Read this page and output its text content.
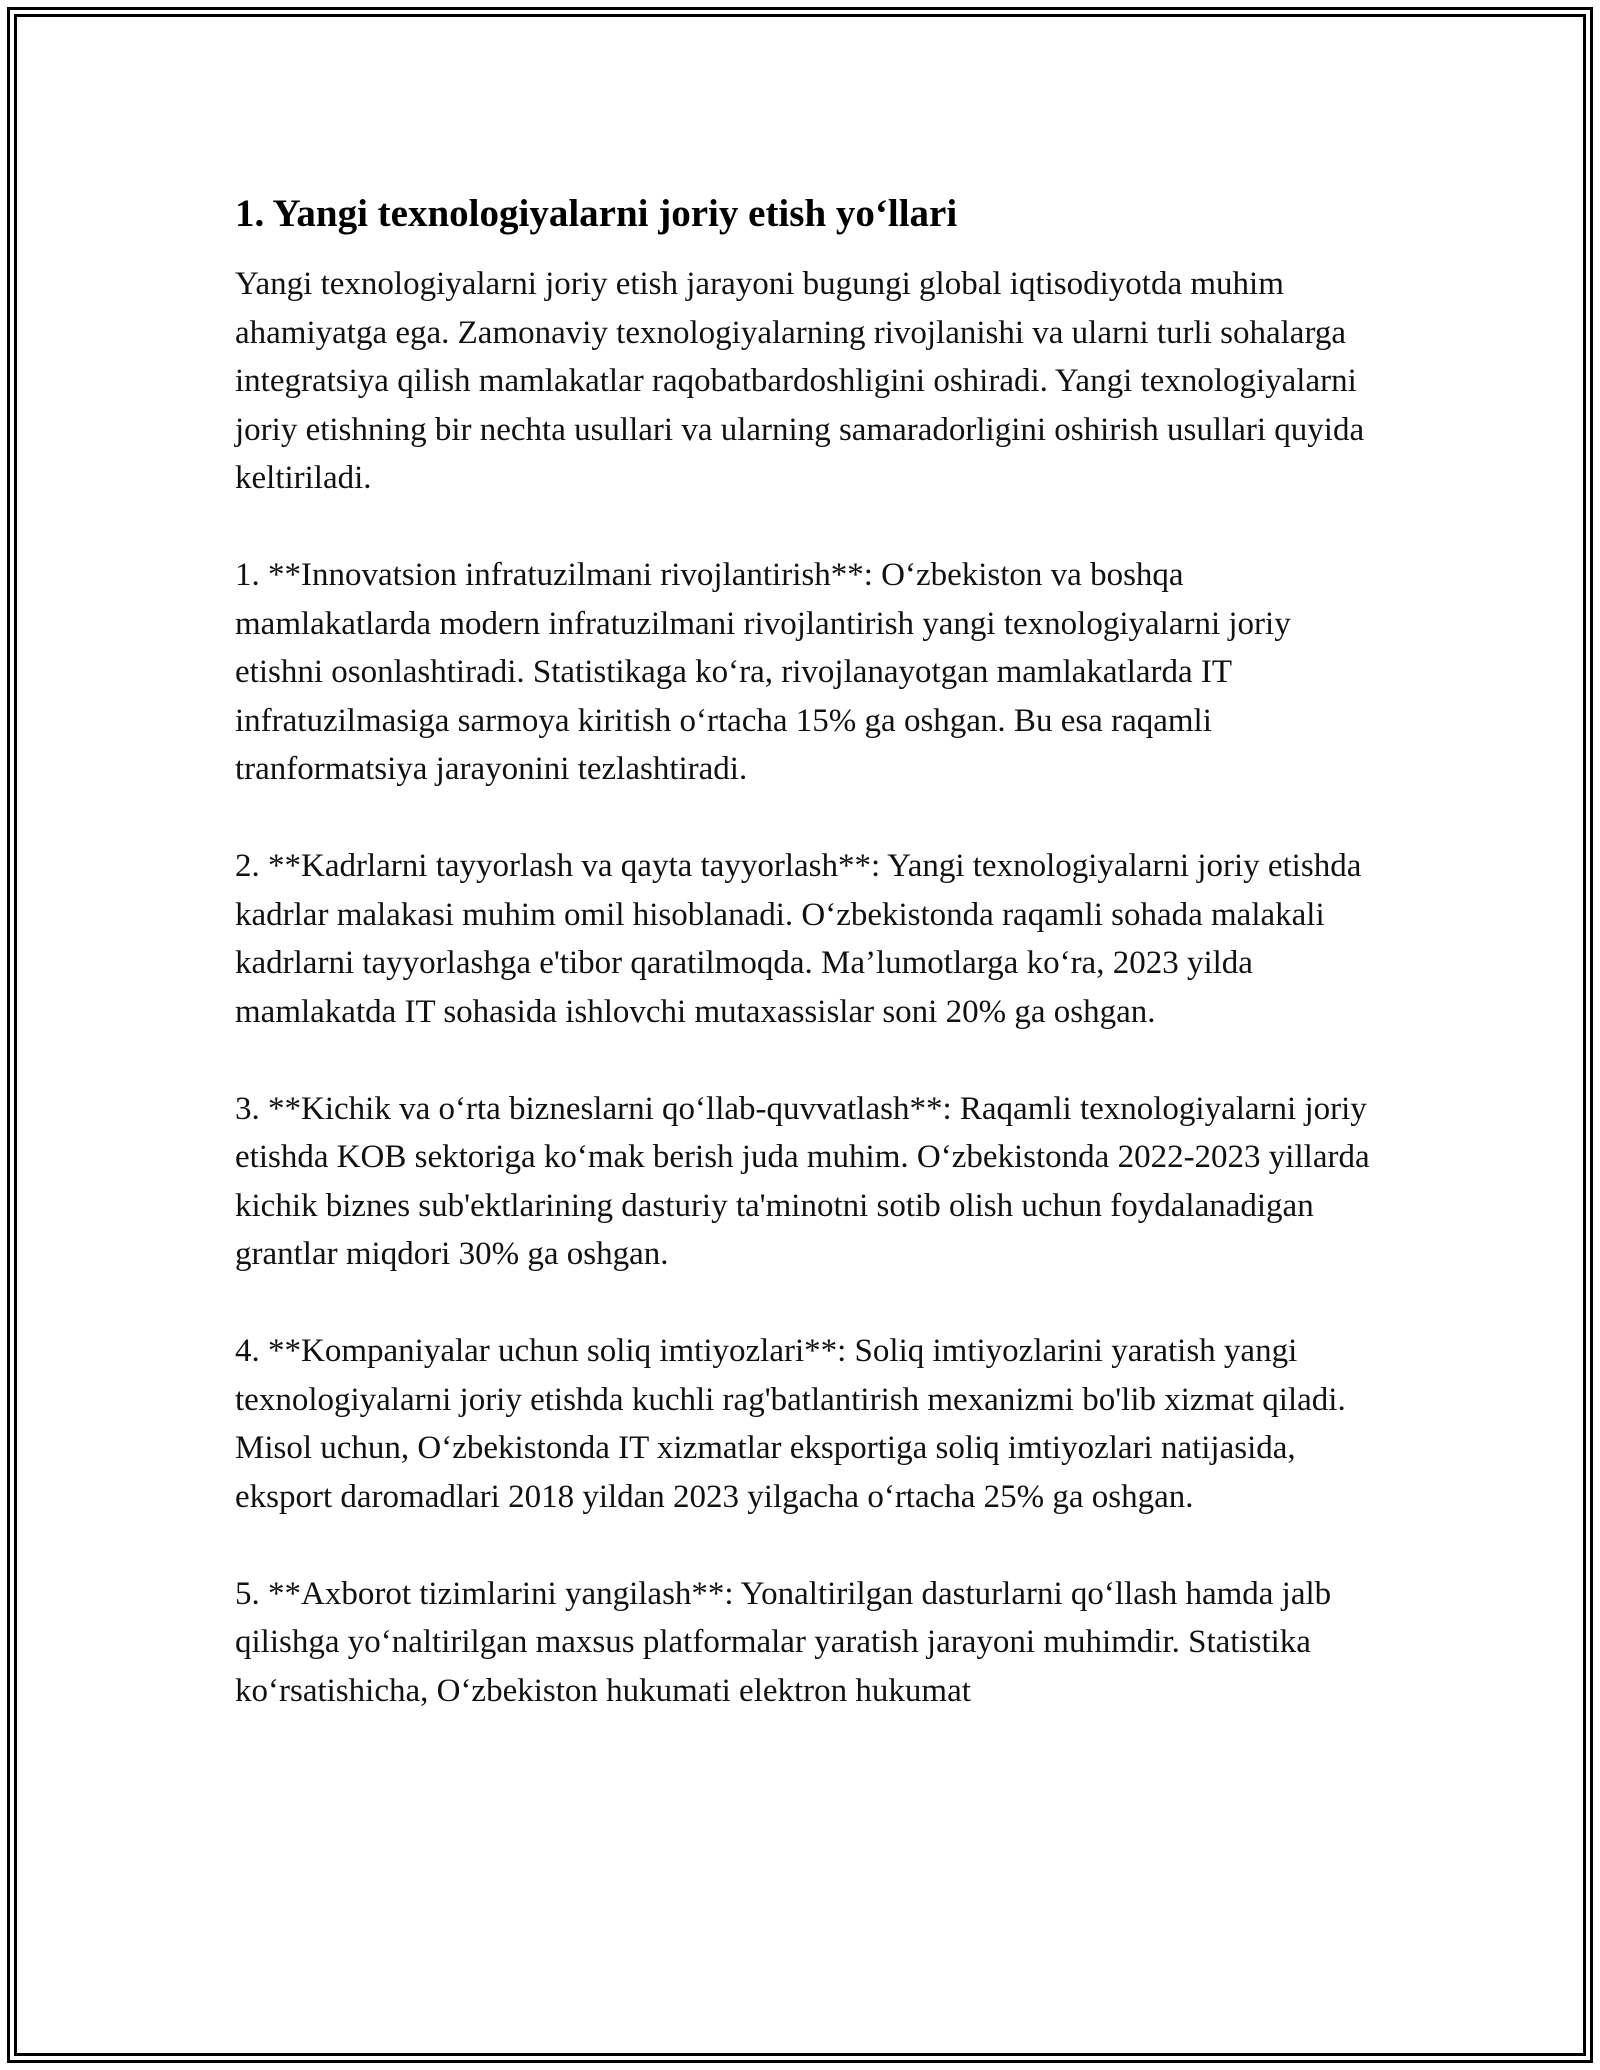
1. Yangi texnologiyalarni joriy etish yo‘llari

Yangi texnologiyalarni joriy etish jarayoni bugungi global iqtisodiyotda muhim ahamiyatga ega. Zamonaviy texnologiyalarning rivojlanishi va ularni turli sohalarga integratsiya qilish mamlakatlar raqobatbardoshligini oshiradi. Yangi texnologiyalarni joriy etishning bir nechta usullari va ularning samaradorligini oshirish usullari quyida keltiriladi.

1. **Innovatsion infratuzilmani rivojlantirish**: O‘zbekiston va boshqa mamlakatlarda modern infratuzilmani rivojlantirish yangi texnologiyalarni joriy etishni osonlashtiradi. Statistikaga ko‘ra, rivojlanayotgan mamlakatlarda IT infratuzilmasiga sarmoya kiritish o‘rtacha 15% ga oshgan. Bu esa raqamli tranformatsiya jarayonini tezlashtiradi.

2. **Kadrlarni tayyorlash va qayta tayyorlash**: Yangi texnologiyalarni joriy etishda kadrlar malakasi muhim omil hisoblanadi. O‘zbekistonda raqamli sohada malakali kadrlarni tayyorlashga e'tibor qaratilmoqda. Ma’lumotlarga ko‘ra, 2023 yilda mamlakatda IT sohasida ishlovchi mutaxassislar soni 20% ga oshgan.

3. **Kichik va o‘rta bizneslarni qo‘llab-quvvatlash**: Raqamli texnologiyalarni joriy etishda KOB sektoriga ko‘mak berish juda muhim. O‘zbekistonda 2022-2023 yillarda kichik biznes sub'ektlarining dasturiy ta'minotni sotib olish uchun foydalanadigan grantlar miqdori 30% ga oshgan.

4. **Kompaniyalar uchun soliq imtiyozlari**: Soliq imtiyozlarini yaratish yangi texnologiyalarni joriy etishda kuchli rag'batlantirish mexanizmi bo'lib xizmat qiladi. Misol uchun, O‘zbekistonda IT xizmatlar eksportiga soliq imtiyozlari natijasida, eksport daromadlari 2018 yildan 2023 yilgacha o‘rtacha 25% ga oshgan.

5. **Axborot tizimlarini yangilash**: Yonaltirilgan dasturlarni qo‘llash hamda jalb qilishga yo‘naltirilgan maxsus platformalar yaratish jarayoni muhimdir. Statistika ko‘rsatishicha, O‘zbekiston hukumati elektron hukumat
